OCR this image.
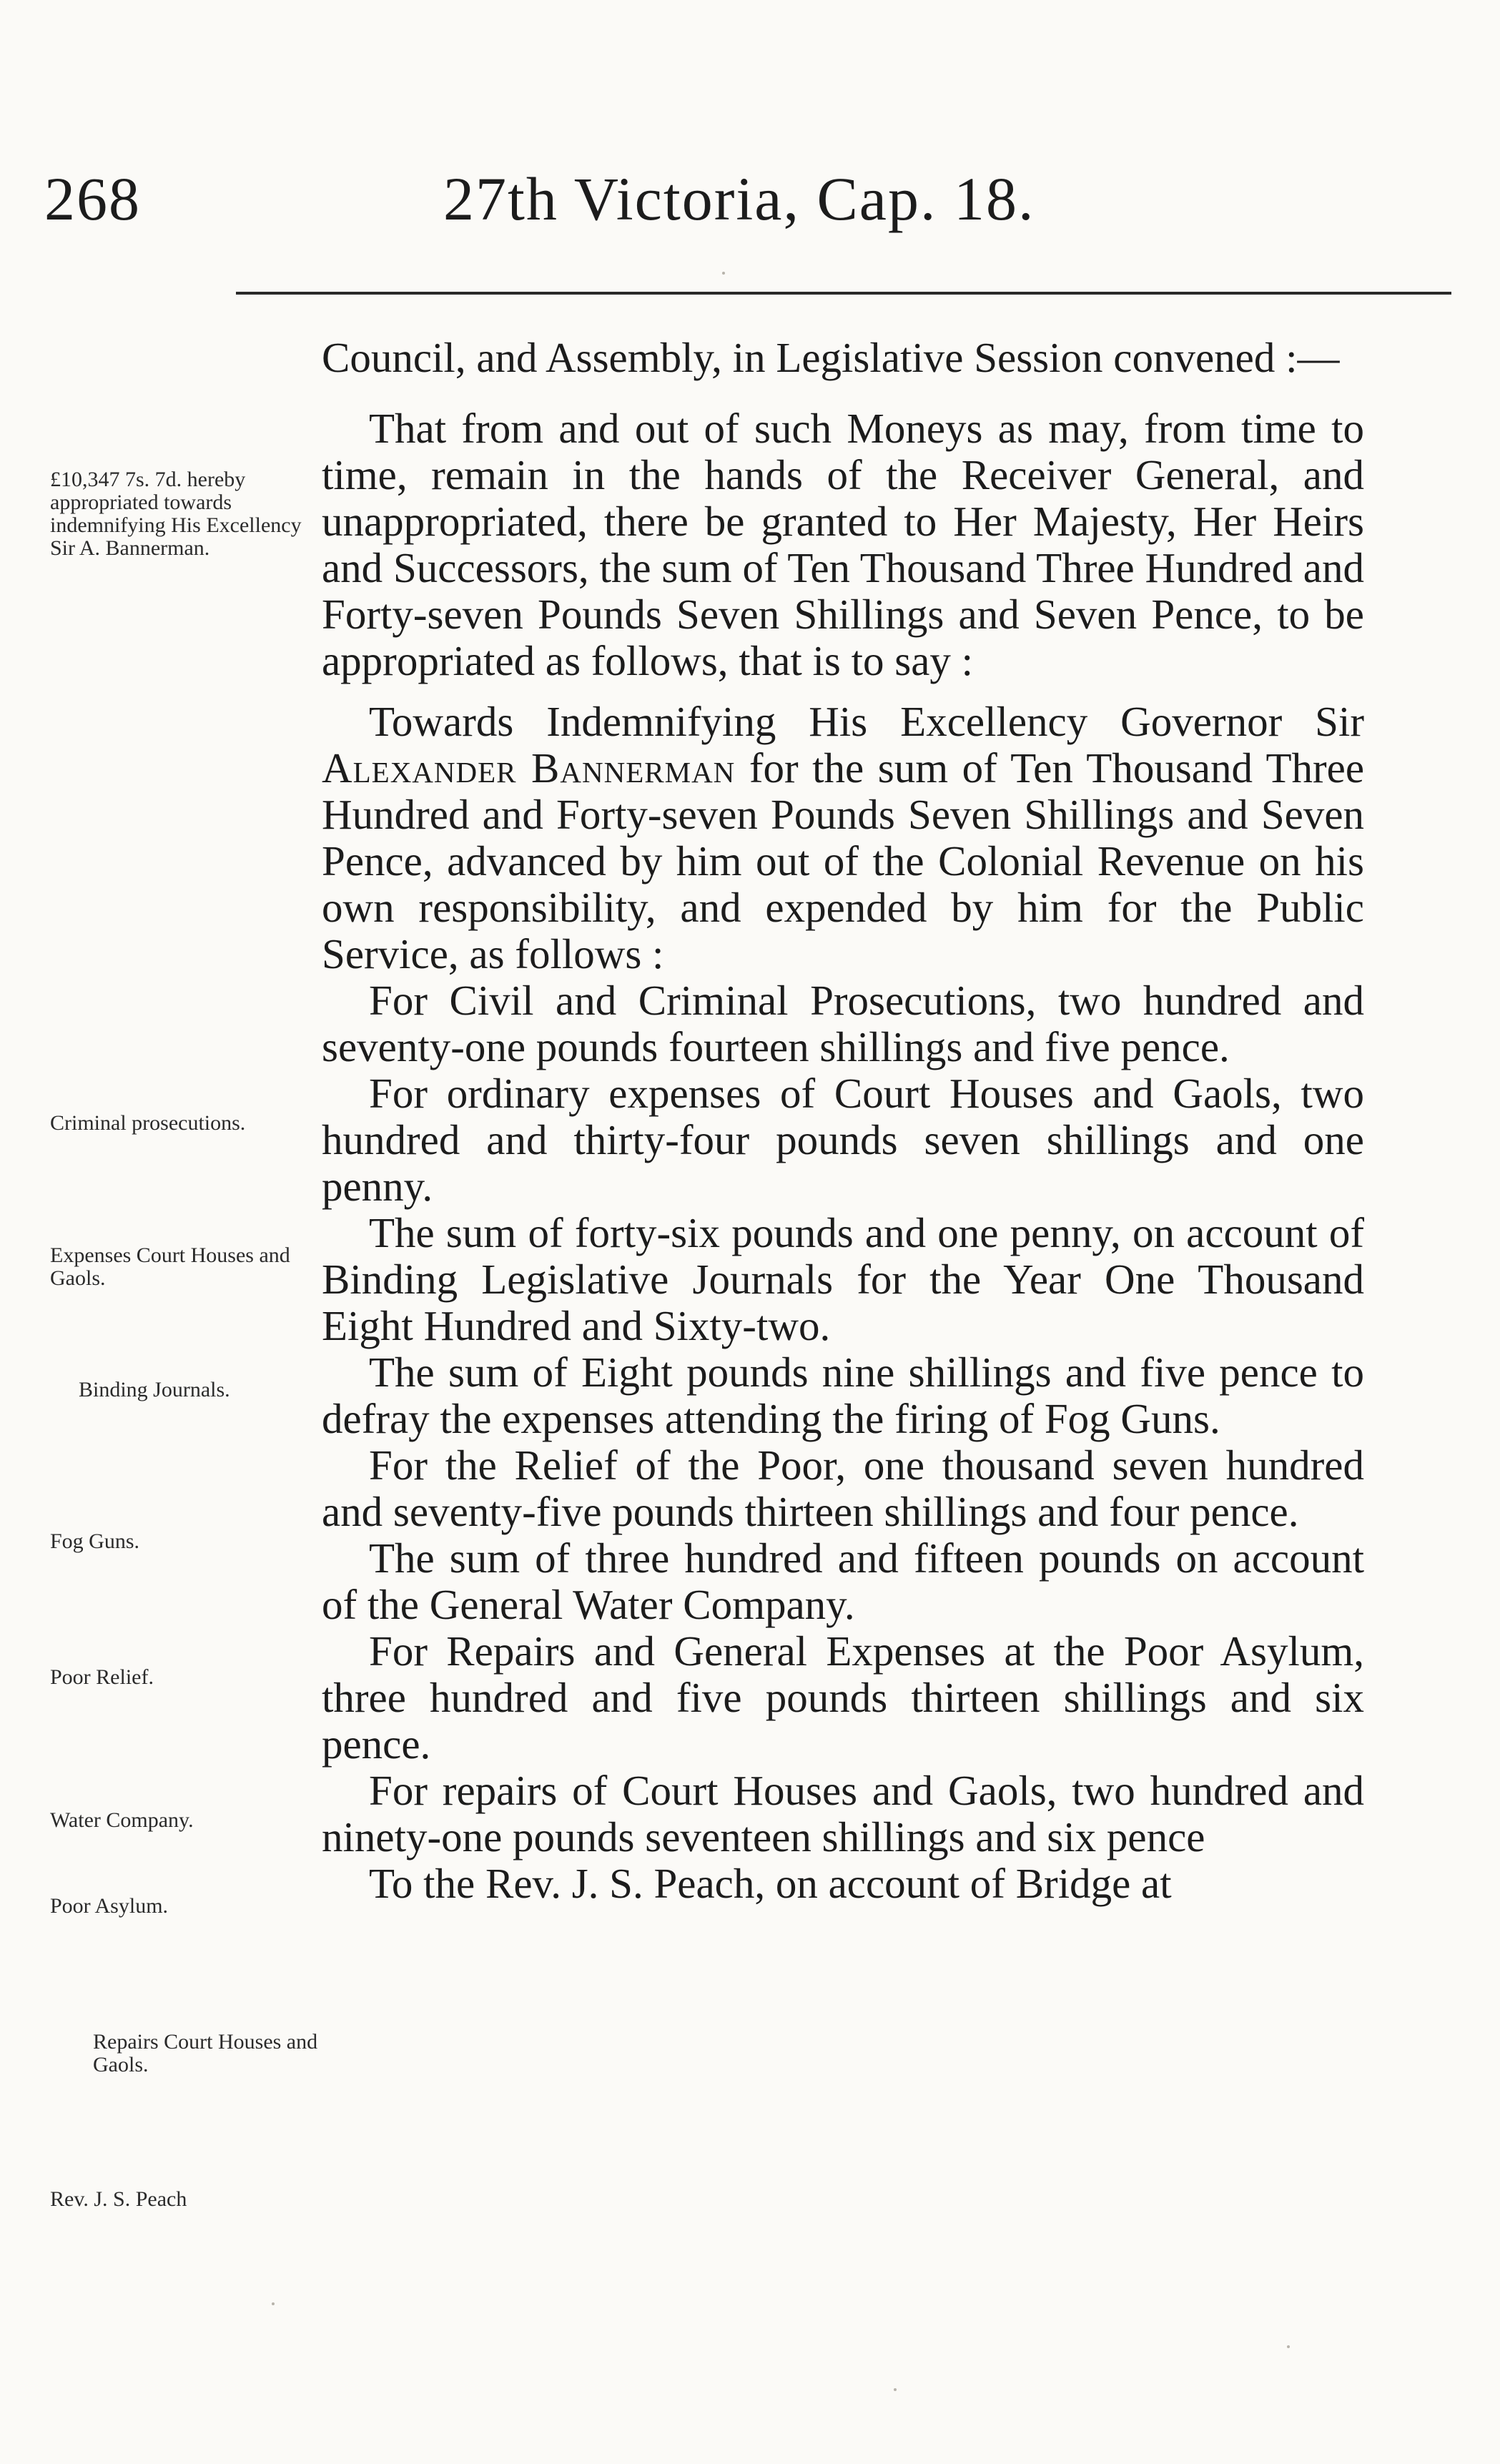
268	27th Victoria, Cap. 18.
£10,347 7s. 7d. hereby appropriated towards indemnifying His Excellency Sir A. Bannerman.
Criminal prosecutions.
Expenses Court Houses and Gaols.
Binding Journals.
Fog Guns.
Poor Relief.
Water Company.
Poor Asylum.
Repairs Court Houses and Gaols.
Rev. J. S. Peach

Council, and Assembly, in Legislative Session convened :—

That from and out of such Moneys as may, from time to time, remain in the hands of the Receiver General, and unappropriated, there be granted to Her Majesty, Her Heirs and Successors, the sum of Ten Thousand Three Hundred and Forty-seven Pounds Seven Shillings and Seven Pence, to be appropriated as follows, that is to say :

Towards Indemnifying His Excellency Governor Sir Alexander Bannerman for the sum of Ten Thousand Three Hundred and Forty-seven Pounds Seven Shillings and Seven Pence, advanced by him out of the Colonial Revenue on his own responsibility, and expended by him for the Public Service, as follows :

For Civil and Criminal Prosecutions, two hundred and seventy-one pounds fourteen shillings and five pence.

For ordinary expenses of Court Houses and Gaols, two hundred and thirty-four pounds seven shillings and one penny.

The sum of forty-six pounds and one penny, on account of Binding Legislative Journals for the Year One Thousand Eight Hundred and Sixty-two.

The sum of Eight pounds nine shillings and five pence to defray the expenses attending the firing of Fog Guns.

For the Relief of the Poor, one thousand seven hundred and seventy-five pounds thirteen shillings and four pence.

The sum of three hundred and fifteen pounds on account of the General Water Company.

For Repairs and General Expenses at the Poor Asylum, three hundred and five pounds thirteen shillings and six pence.

For repairs of Court Houses and Gaols, two hundred and ninety-one pounds seventeen shillings and six pence

To the Rev. J. S. Peach, on account of Bridge at
